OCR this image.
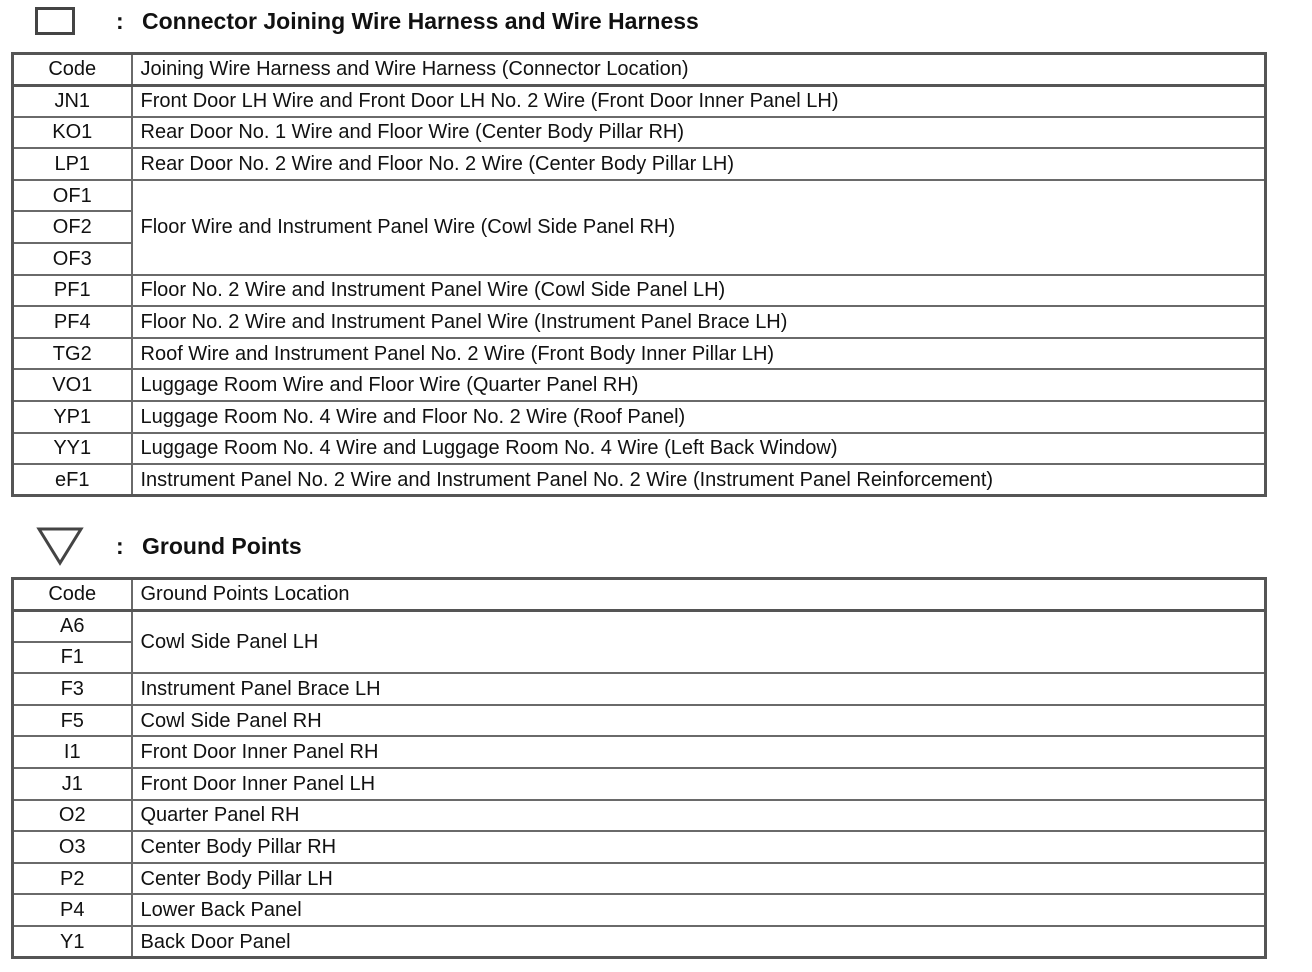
: Connector Joining Wire Harness and Wire Harness
Code	Joining Wire Harness and Wire Harness (Connector Location)
JN1	Front Door LH Wire and Front Door LH No. 2 Wire (Front Door Inner Panel LH)
KO1	Rear Door No. 1 Wire and Floor Wire (Center Body Pillar RH)
LP1	Rear Door No. 2 Wire and Floor No. 2 Wire (Center Body Pillar LH)
OF1	Floor Wire and Instrument Panel Wire (Cowl Side Panel RH)
OF2	
OF3	
PF1	Floor No. 2 Wire and Instrument Panel Wire (Cowl Side Panel LH)
PF4	Floor No. 2 Wire and Instrument Panel Wire (Instrument Panel Brace LH)
TG2	Roof Wire and Instrument Panel No. 2 Wire (Front Body Inner Pillar LH)
VO1	Luggage Room Wire and Floor Wire (Quarter Panel RH)
YP1	Luggage Room No. 4 Wire and Floor No. 2 Wire (Roof Panel)
YY1	Luggage Room No. 4 Wire and Luggage Room No. 4 Wire (Left Back Window)
eF1	Instrument Panel No. 2 Wire and Instrument Panel No. 2 Wire (Instrument Panel Reinforcement)
: Ground Points
Code	Ground Points Location
A6	Cowl Side Panel LH
F1	
F3	Instrument Panel Brace LH
F5	Cowl Side Panel RH
I1	Front Door Inner Panel RH
J1	Front Door Inner Panel LH
O2	Quarter Panel RH
O3	Center Body Pillar RH
P2	Center Body Pillar LH
P4	Lower Back Panel
Y1	Back Door Panel
